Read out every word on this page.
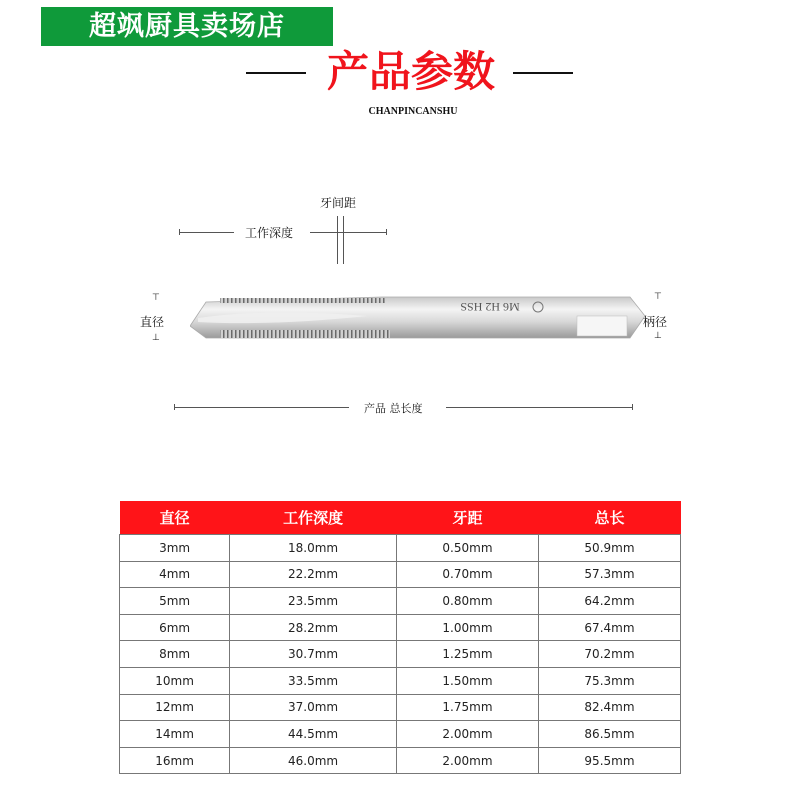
超飒厨具卖场店
产品参数
CHANPINCANSHU
牙间距
工作深度
⊤
直径
⊥
M6 H2 HSS
⊤
柄径
⊥
产品 总长度
直径	工作深度	牙距	总长
3mm	18.0mm	0.50mm	50.9mm
4mm	22.2mm	0.70mm	57.3mm
5mm	23.5mm	0.80mm	64.2mm
6mm	28.2mm	1.00mm	67.4mm
8mm	30.7mm	1.25mm	70.2mm
10mm	33.5mm	1.50mm	75.3mm
12mm	37.0mm	1.75mm	82.4mm
14mm	44.5mm	2.00mm	86.5mm
16mm	46.0mm	2.00mm	95.5mm
